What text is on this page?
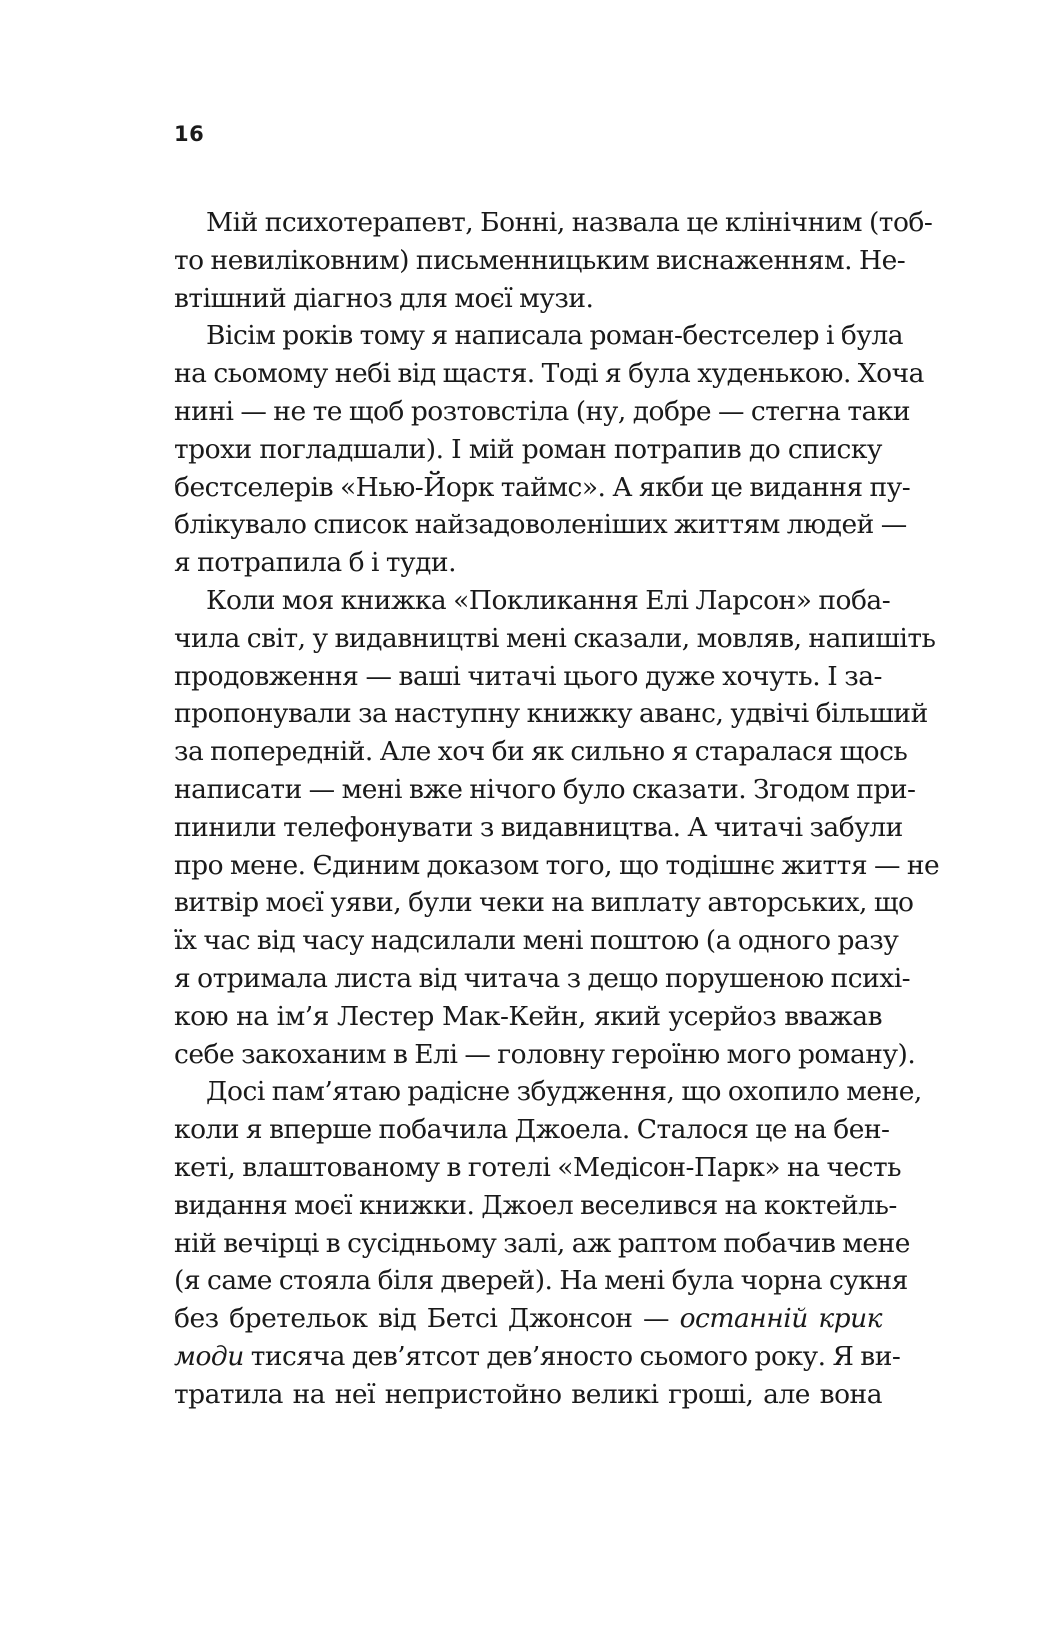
16
Мій психотерапевт, Бонні, назвала це клінічним (тоб-
то невиліковним) письменницьким виснаженням. Не-
втішний діагноз для моєї музи.
Вісім років тому я написала роман-бестселер і була
на сьомому небі від щастя. Тоді я була худенькою. Хоча
нині — не те щоб розтовстіла (ну, добре — стегна таки
трохи погладшали). І мій роман потрапив до списку
бестселерів «Нью-Йорк таймс». А якби це видання пу-
блікувало список найзадоволеніших життям людей —
я потрапила б і туди.
Коли моя книжка «Покликання Елі Ларсон» поба-
чила світ, у видавництві мені сказали, мовляв, напишіть
продовження — ваші читачі цього дуже хочуть. І за-
пропонували за наступну книжку аванс, удвічі більший
за попередній. Але хоч би як сильно я старалася щось
написати — мені вже нічого було сказати. Згодом при-
пинили телефонувати з видавництва. А читачі забули
про мене. Єдиним доказом того, що тодішнє життя — не
витвір моєї уяви, були чеки на виплату авторських, що
їх час від часу надсилали мені поштою (а одного разу
я отримала листа від читача з дещо порушеною психі-
кою на ім’я Лестер Мак-Кейн, який усерйоз вважав
себе закоханим в Елі — головну героїню мого роману).
Досі пам’ятаю радісне збудження, що охопило мене,
коли я вперше побачила Джоела. Сталося це на бен-
кеті, влаштованому в готелі «Медісон-Парк» на честь
видання моєї книжки. Джоел веселився на коктейль-
ній вечірці в сусідньому залі, аж раптом побачив мене
(я саме стояла біля дверей). На мені була чорна сукня
без бретельок від Бетсі Джонсон — останній крик
моди тисяча дев’ятсот дев’яносто сьомого року. Я ви-
тратила на неї непристойно великі гроші, але вона
